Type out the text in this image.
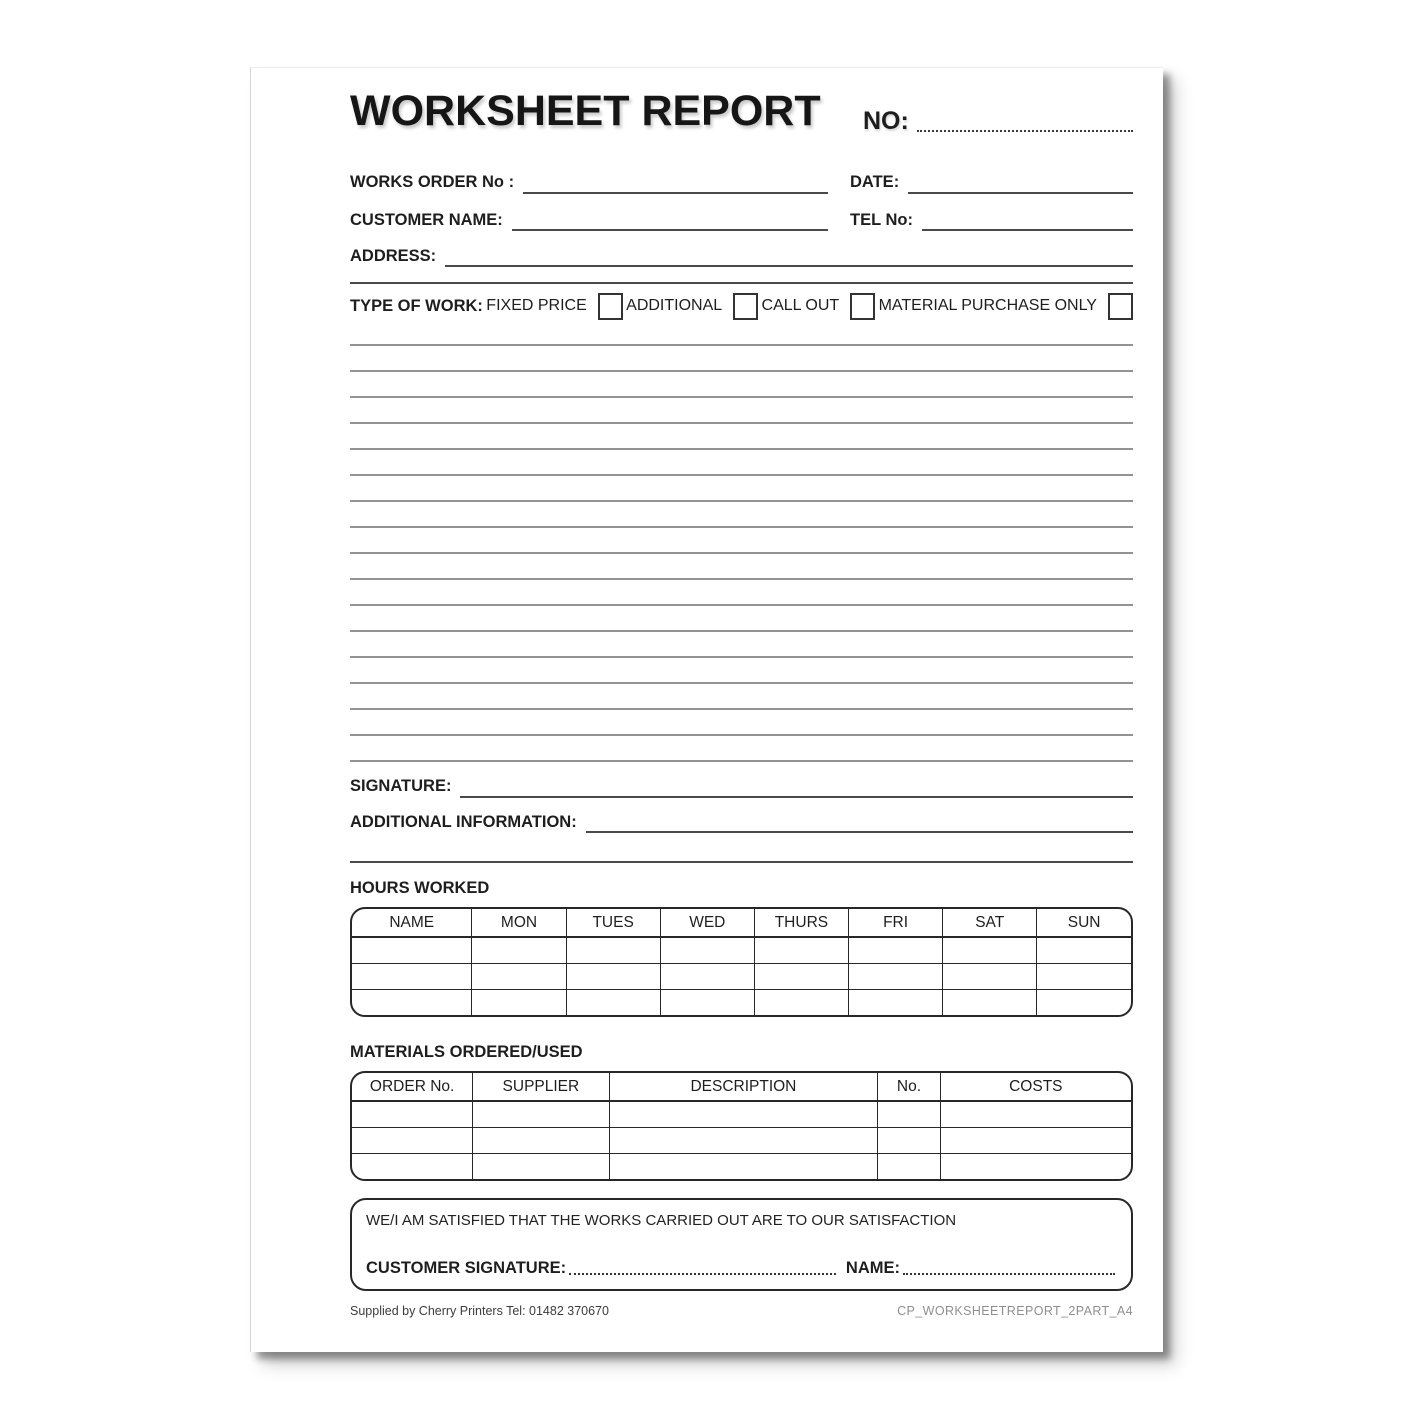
WORKSHEET REPORT	NO:
WORKS ORDER No :	DATE:
CUSTOMER NAME:	TEL No:
ADDRESS:
TYPE OF WORK: FIXED PRICE ADDITIONAL CALL OUT MATERIAL PURCHASE ONLY
SIGNATURE:
ADDITIONAL INFORMATION:
HOURS WORKED
NAME	MON	TUES	WED	THURS	FRI	SAT	SUN

MATERIALS ORDERED/USED
ORDER No.	SUPPLIER	DESCRIPTION	No.	COSTS

WE/I AM SATISFIED THAT THE WORKS CARRIED OUT ARE TO OUR SATISFACTION
CUSTOMER SIGNATURE:	NAME:
Supplied by Cherry Printers Tel: 01482 370670	CP_WORKSHEETREPORT_2PART_A4
